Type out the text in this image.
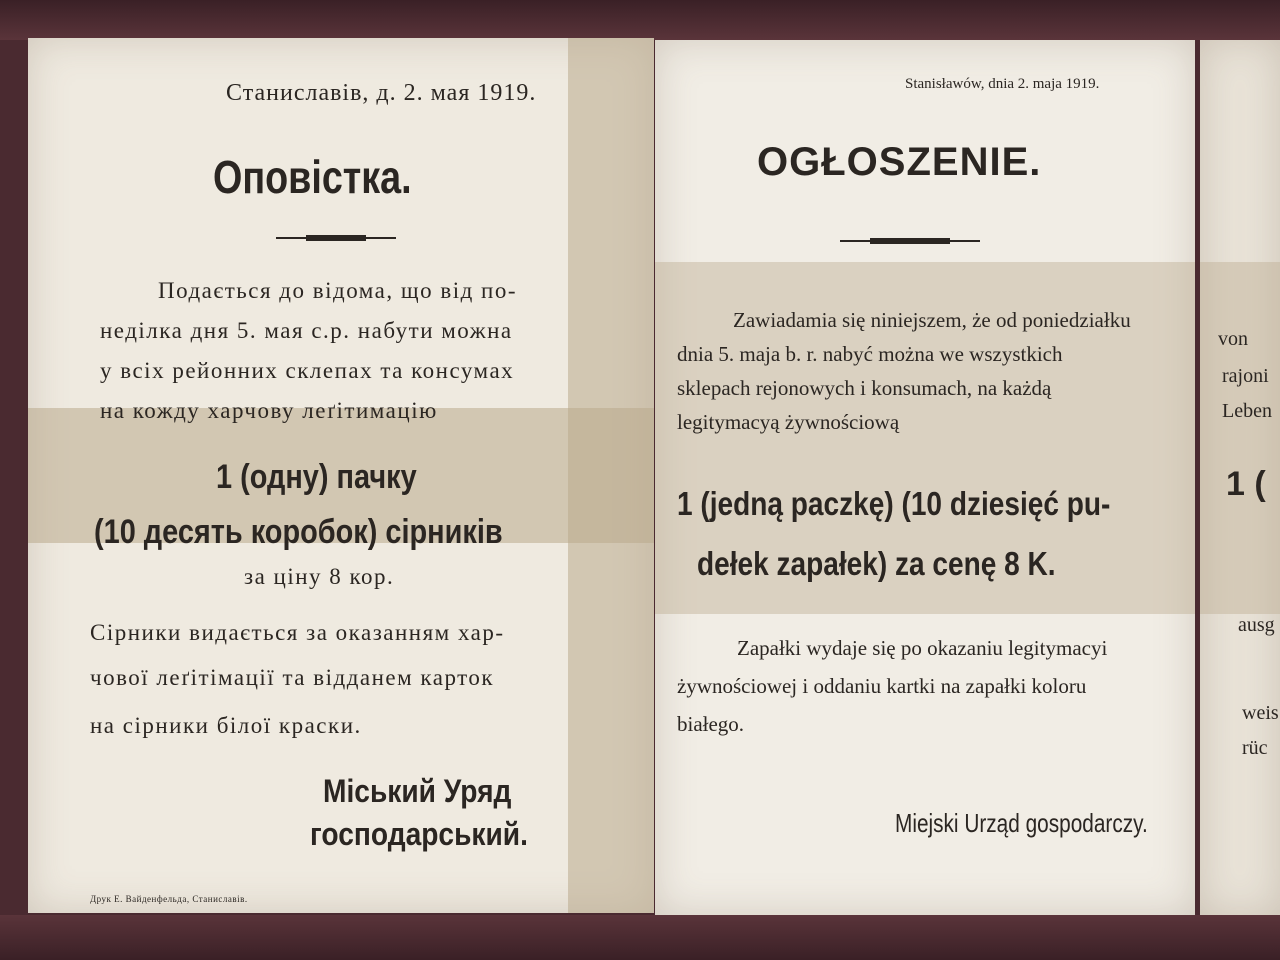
Станиславів, д. 2. мая 1919.
Оповістка.
Подається до відома, що від по-
неділка дня 5. мая с.р. набути можна
у всіх рейонних склепах та консумах
на кожду харчову леґітимацію
1 (одну) пачку
(10 десять коробок) сірників
за ціну 8 кор.
Сірники видається за оказанням хар-
чової леґітімації та відданем карток
на сірники білої краски.
Міський Уряд
господарський.
Друк Е. Вайденфельда, Станиславів.
Stanisławów, dnia 2. maja 1919.
OGŁOSZENIE.
Zawiadamia się niniejszem, że od poniedziałku
dnia 5. maja b. r. nabyć można we wszystkich
sklepach rejonowych i konsumach, na każdą
legitymacyą żywnościową
1 (jedną paczkę) (10 dziesięć pu-
dełek zapałek) za cenę 8 K.
Zapałki wydaje się po okazaniu legitymacyi
żywnościowej i oddaniu kartki na zapałki koloru
białego.
Miejski Urząd gospodarczy.
von
rajoni
Leben
1 (
ausg
weis
rüc
